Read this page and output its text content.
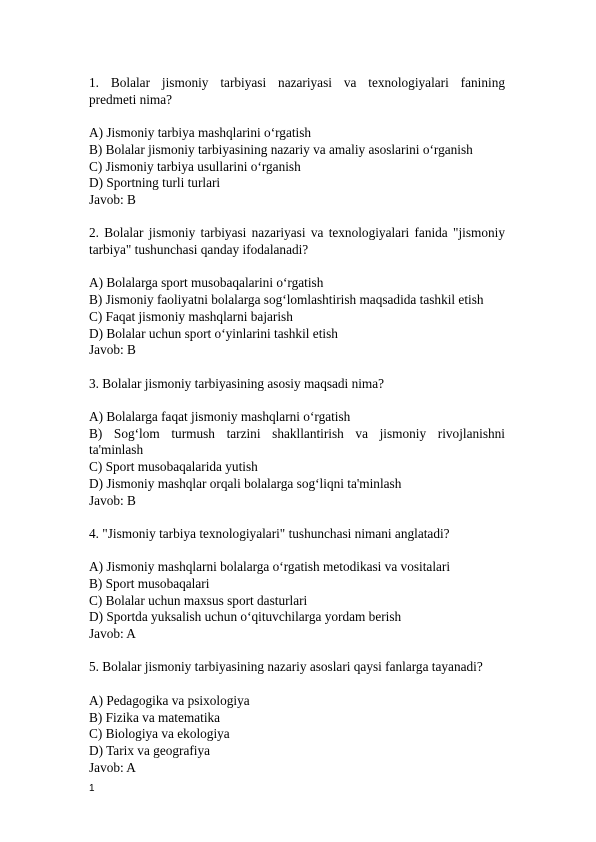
1. Bolalar jismoniy tarbiyasi nazariyasi va texnologiyalari fanining
predmeti nima?
A) Jismoniy tarbiya mashqlarini o‘rgatish
B) Bolalar jismoniy tarbiyasining nazariy va amaliy asoslarini o‘rganish
C) Jismoniy tarbiya usullarini o‘rganish
D) Sportning turli turlari
Javob: B
2. Bolalar jismoniy tarbiyasi nazariyasi va texnologiyalari fanida "jismoniy
tarbiya" tushunchasi qanday ifodalanadi?
A) Bolalarga sport musobaqalarini o‘rgatish
B) Jismoniy faoliyatni bolalarga sog‘lomlashtirish maqsadida tashkil etish
C) Faqat jismoniy mashqlarni bajarish
D) Bolalar uchun sport o‘yinlarini tashkil etish
Javob: B
3. Bolalar jismoniy tarbiyasining asosiy maqsadi nima?
A) Bolalarga faqat jismoniy mashqlarni o‘rgatish
B) Sog‘lom turmush tarzini shakllantirish va jismoniy rivojlanishni
ta'minlash
C) Sport musobaqalarida yutish
D) Jismoniy mashqlar orqali bolalarga sog‘liqni ta'minlash
Javob: B
4. "Jismoniy tarbiya texnologiyalari" tushunchasi nimani anglatadi?
A) Jismoniy mashqlarni bolalarga o‘rgatish metodikasi va vositalari
B) Sport musobaqalari
C) Bolalar uchun maxsus sport dasturlari
D) Sportda yuksalish uchun o‘qituvchilarga yordam berish
Javob: A
5. Bolalar jismoniy tarbiyasining nazariy asoslari qaysi fanlarga tayanadi?
A) Pedagogika va psixologiya
B) Fizika va matematika
C) Biologiya va ekologiya
D) Tarix va geografiya
Javob: A
1
